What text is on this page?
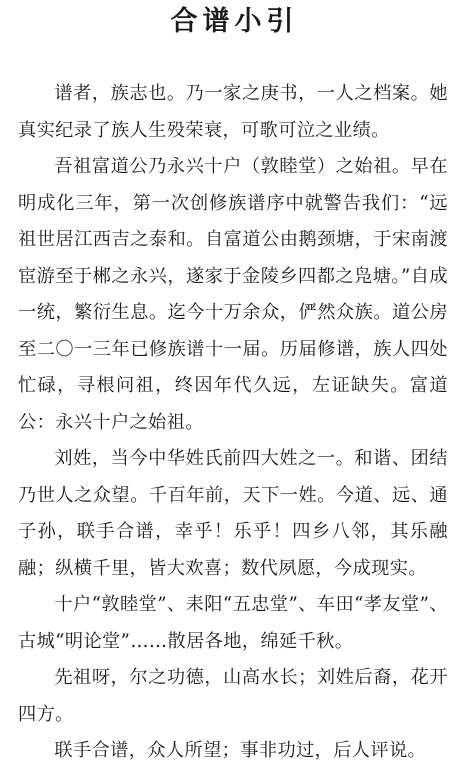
合谱小引

谱者，族志也。乃一家之庚书，一人之档案。她真实纪录了族人生殁荣衰，可歌可泣之业绩。

吾祖富道公乃永兴十户（敦睦堂）之始祖。早在明成化三年，第一次创修族谱序中就警告我们：“远祖世居江西吉之泰和。自富道公由鹅颈塘，于宋南渡宦游至于郴之永兴，遂家于金陵乡四都之凫塘。”自成一统，繁衍生息。迄今十万余众，俨然众族。道公房至二〇一三年已修族谱十一届。历届修谱，族人四处忙碌，寻根问祖，终因年代久远，左证缺失。富道公：永兴十户之始祖。

刘姓，当今中华姓氏前四大姓之一。和谐、团结乃世人之众望。千百年前，天下一姓。今道、远、通子孙，联手合谱，幸乎！乐乎！四乡八邻，其乐融融；纵横千里，皆大欢喜；数代夙愿，今成现实。

十户“敦睦堂”、耒阳“五忠堂”、车田“孝友堂”、古城“明论堂”……散居各地，绵延千秋。

先祖呀，尔之功德，山高水长；刘姓后裔，花开四方。

联手合谱，众人所望；事非功过，后人评说。
